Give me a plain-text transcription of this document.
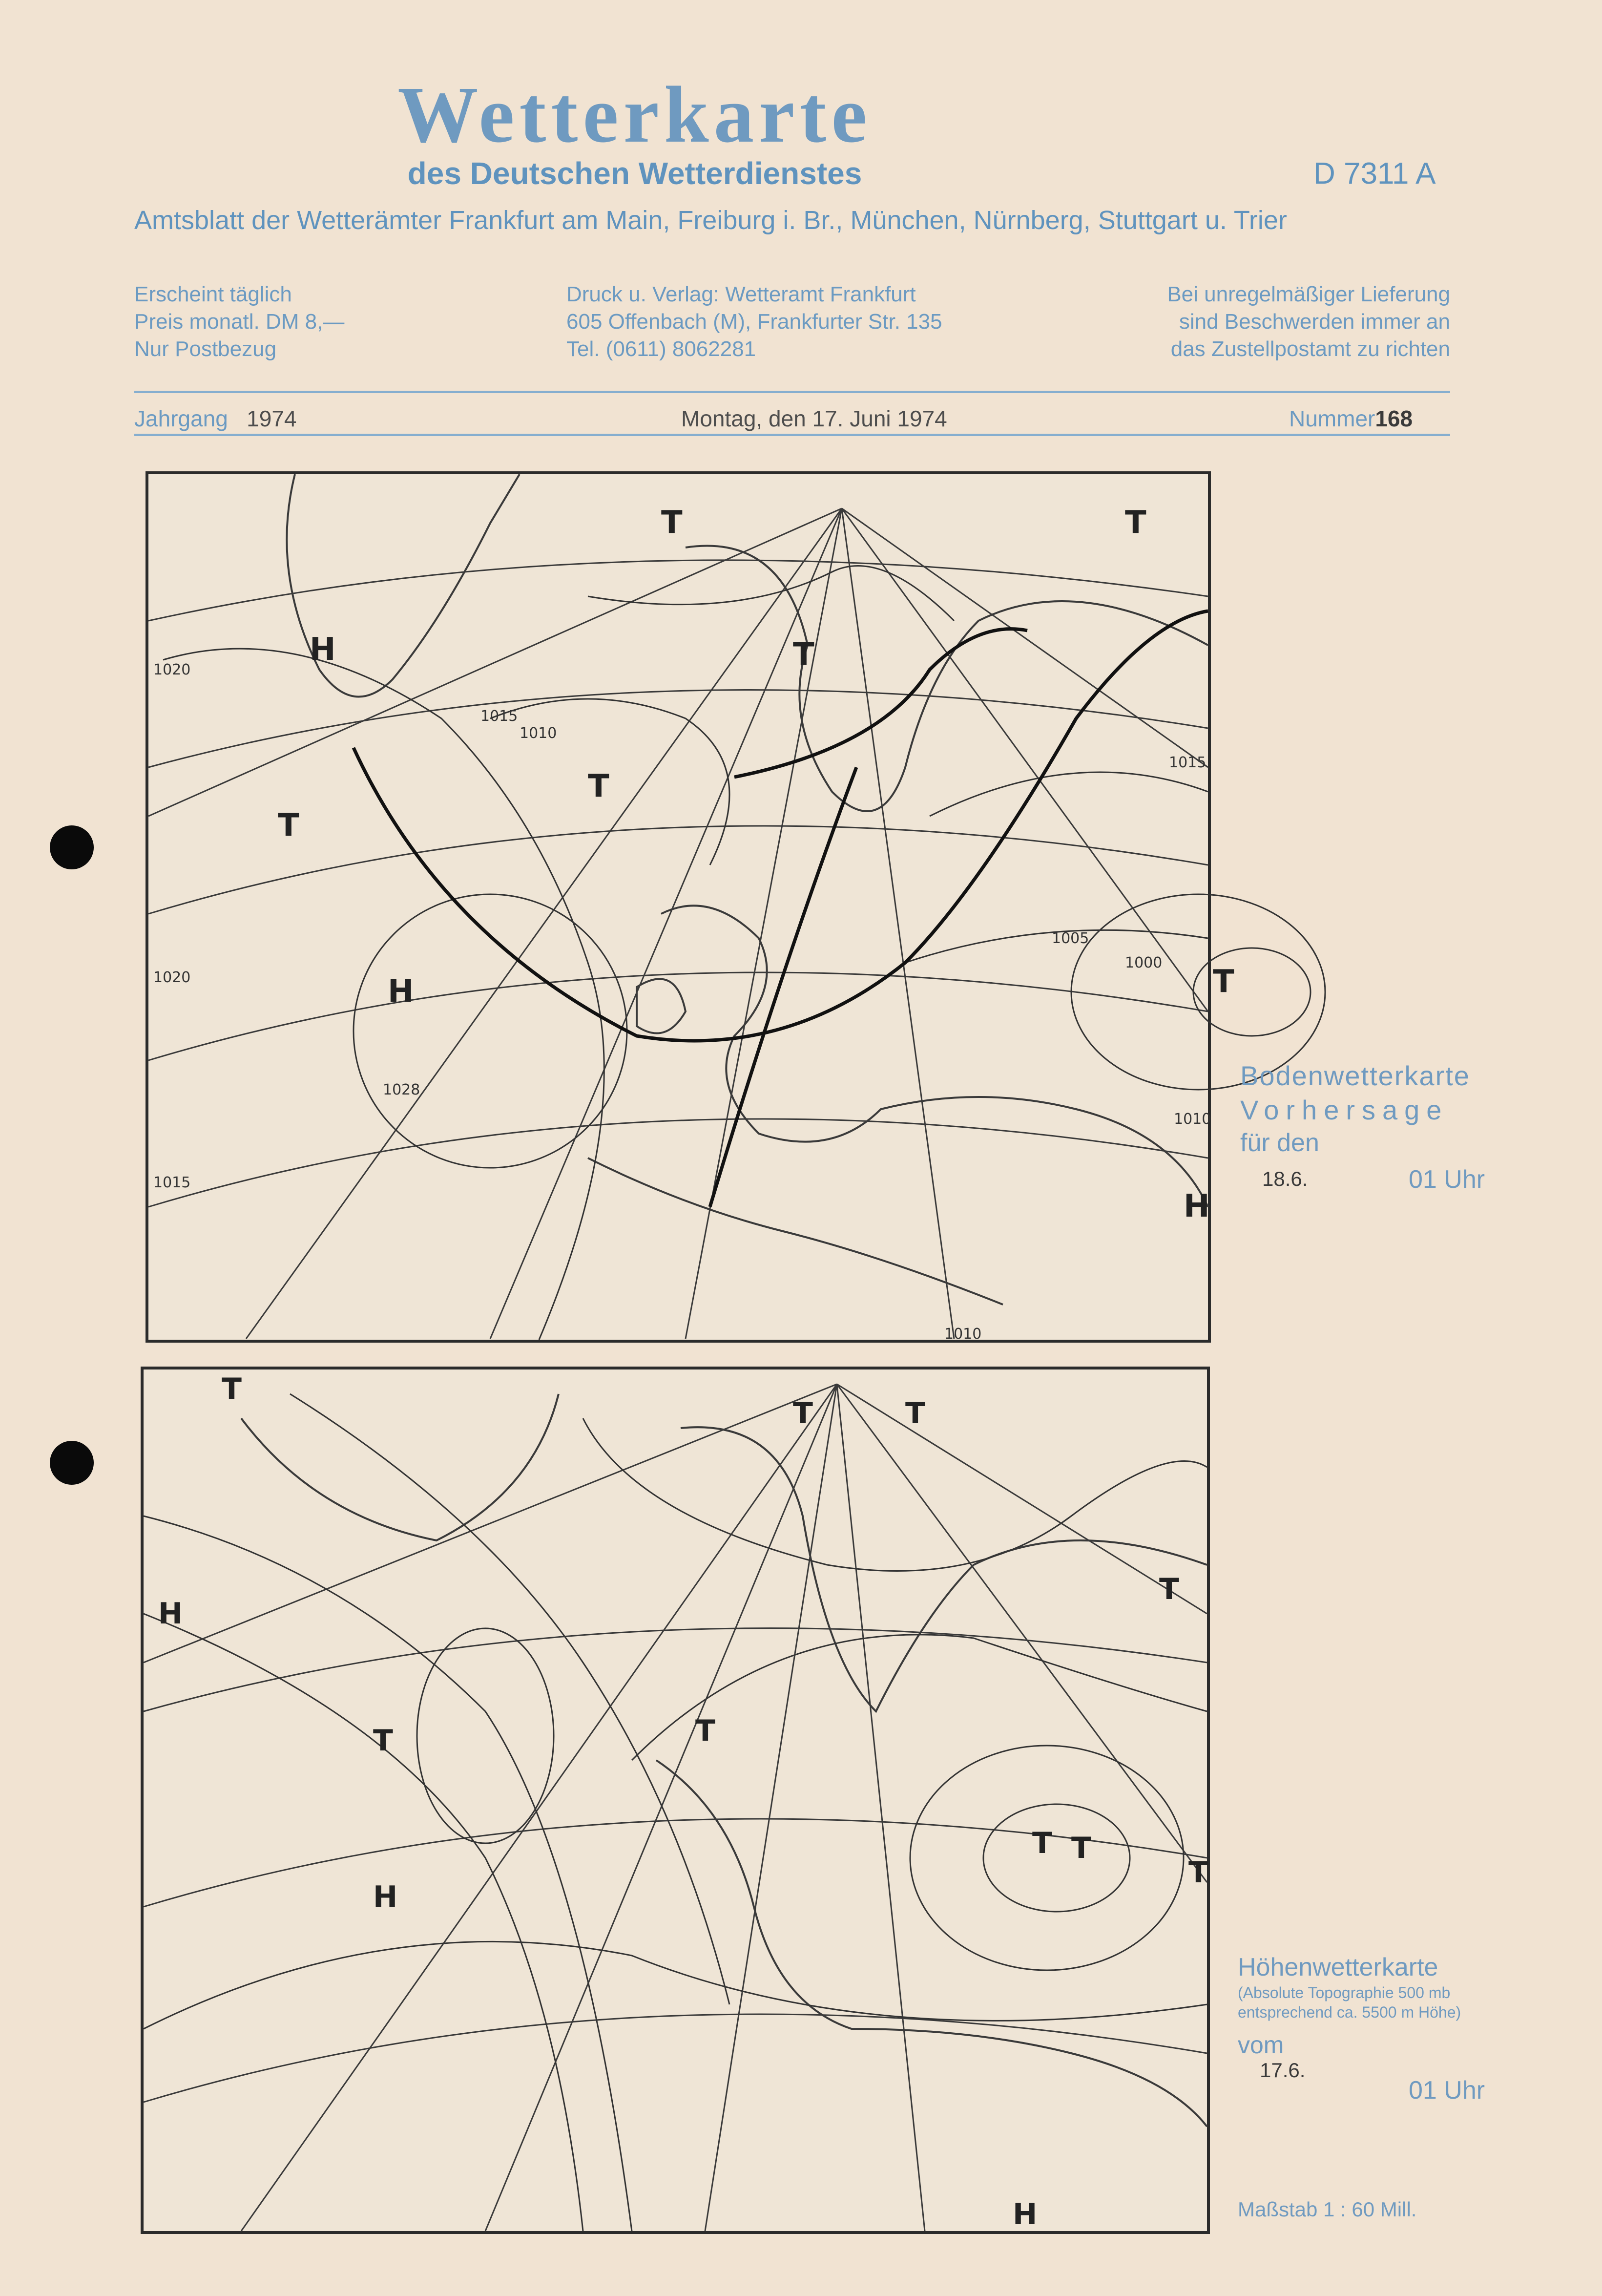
Wetterkarte
des Deutschen Wetterdienstes	D 7311 A
Amtsblatt der Wetterämter Frankfurt am Main, Freiburg i. Br., München, Nürnberg, Stuttgart u. Trier
Erscheint täglich
Preis monatl. DM 8,—
Nur Postbezug
Druck u. Verlag: Wetteramt Frankfurt
605 Offenbach (M), Frankfurter Str. 135
Tel. (0611) 8062281
Bei unregelmäßiger Lieferung
sind Beschwerden immer an
das Zustellpostamt zu richten
Jahrgang 1974	Montag, den 17. Juni 1974	Nummer168
H
H
T
T
T
T
T
T
H
1020
1015
1010
1005
1000
1015
1020
1028
1010
1015
1010
Bodenwetterkarte
Vorhersage
für den
18.6.	01 Uhr
T
T	T
T
T
T T
H
H
H
T
T
Höhenwetterkarte
(Absolute Topographie 500 mb
entsprechend ca. 5500 m Höhe)
vom
17.6.
01 Uhr
Maßstab 1 : 60 Mill.
